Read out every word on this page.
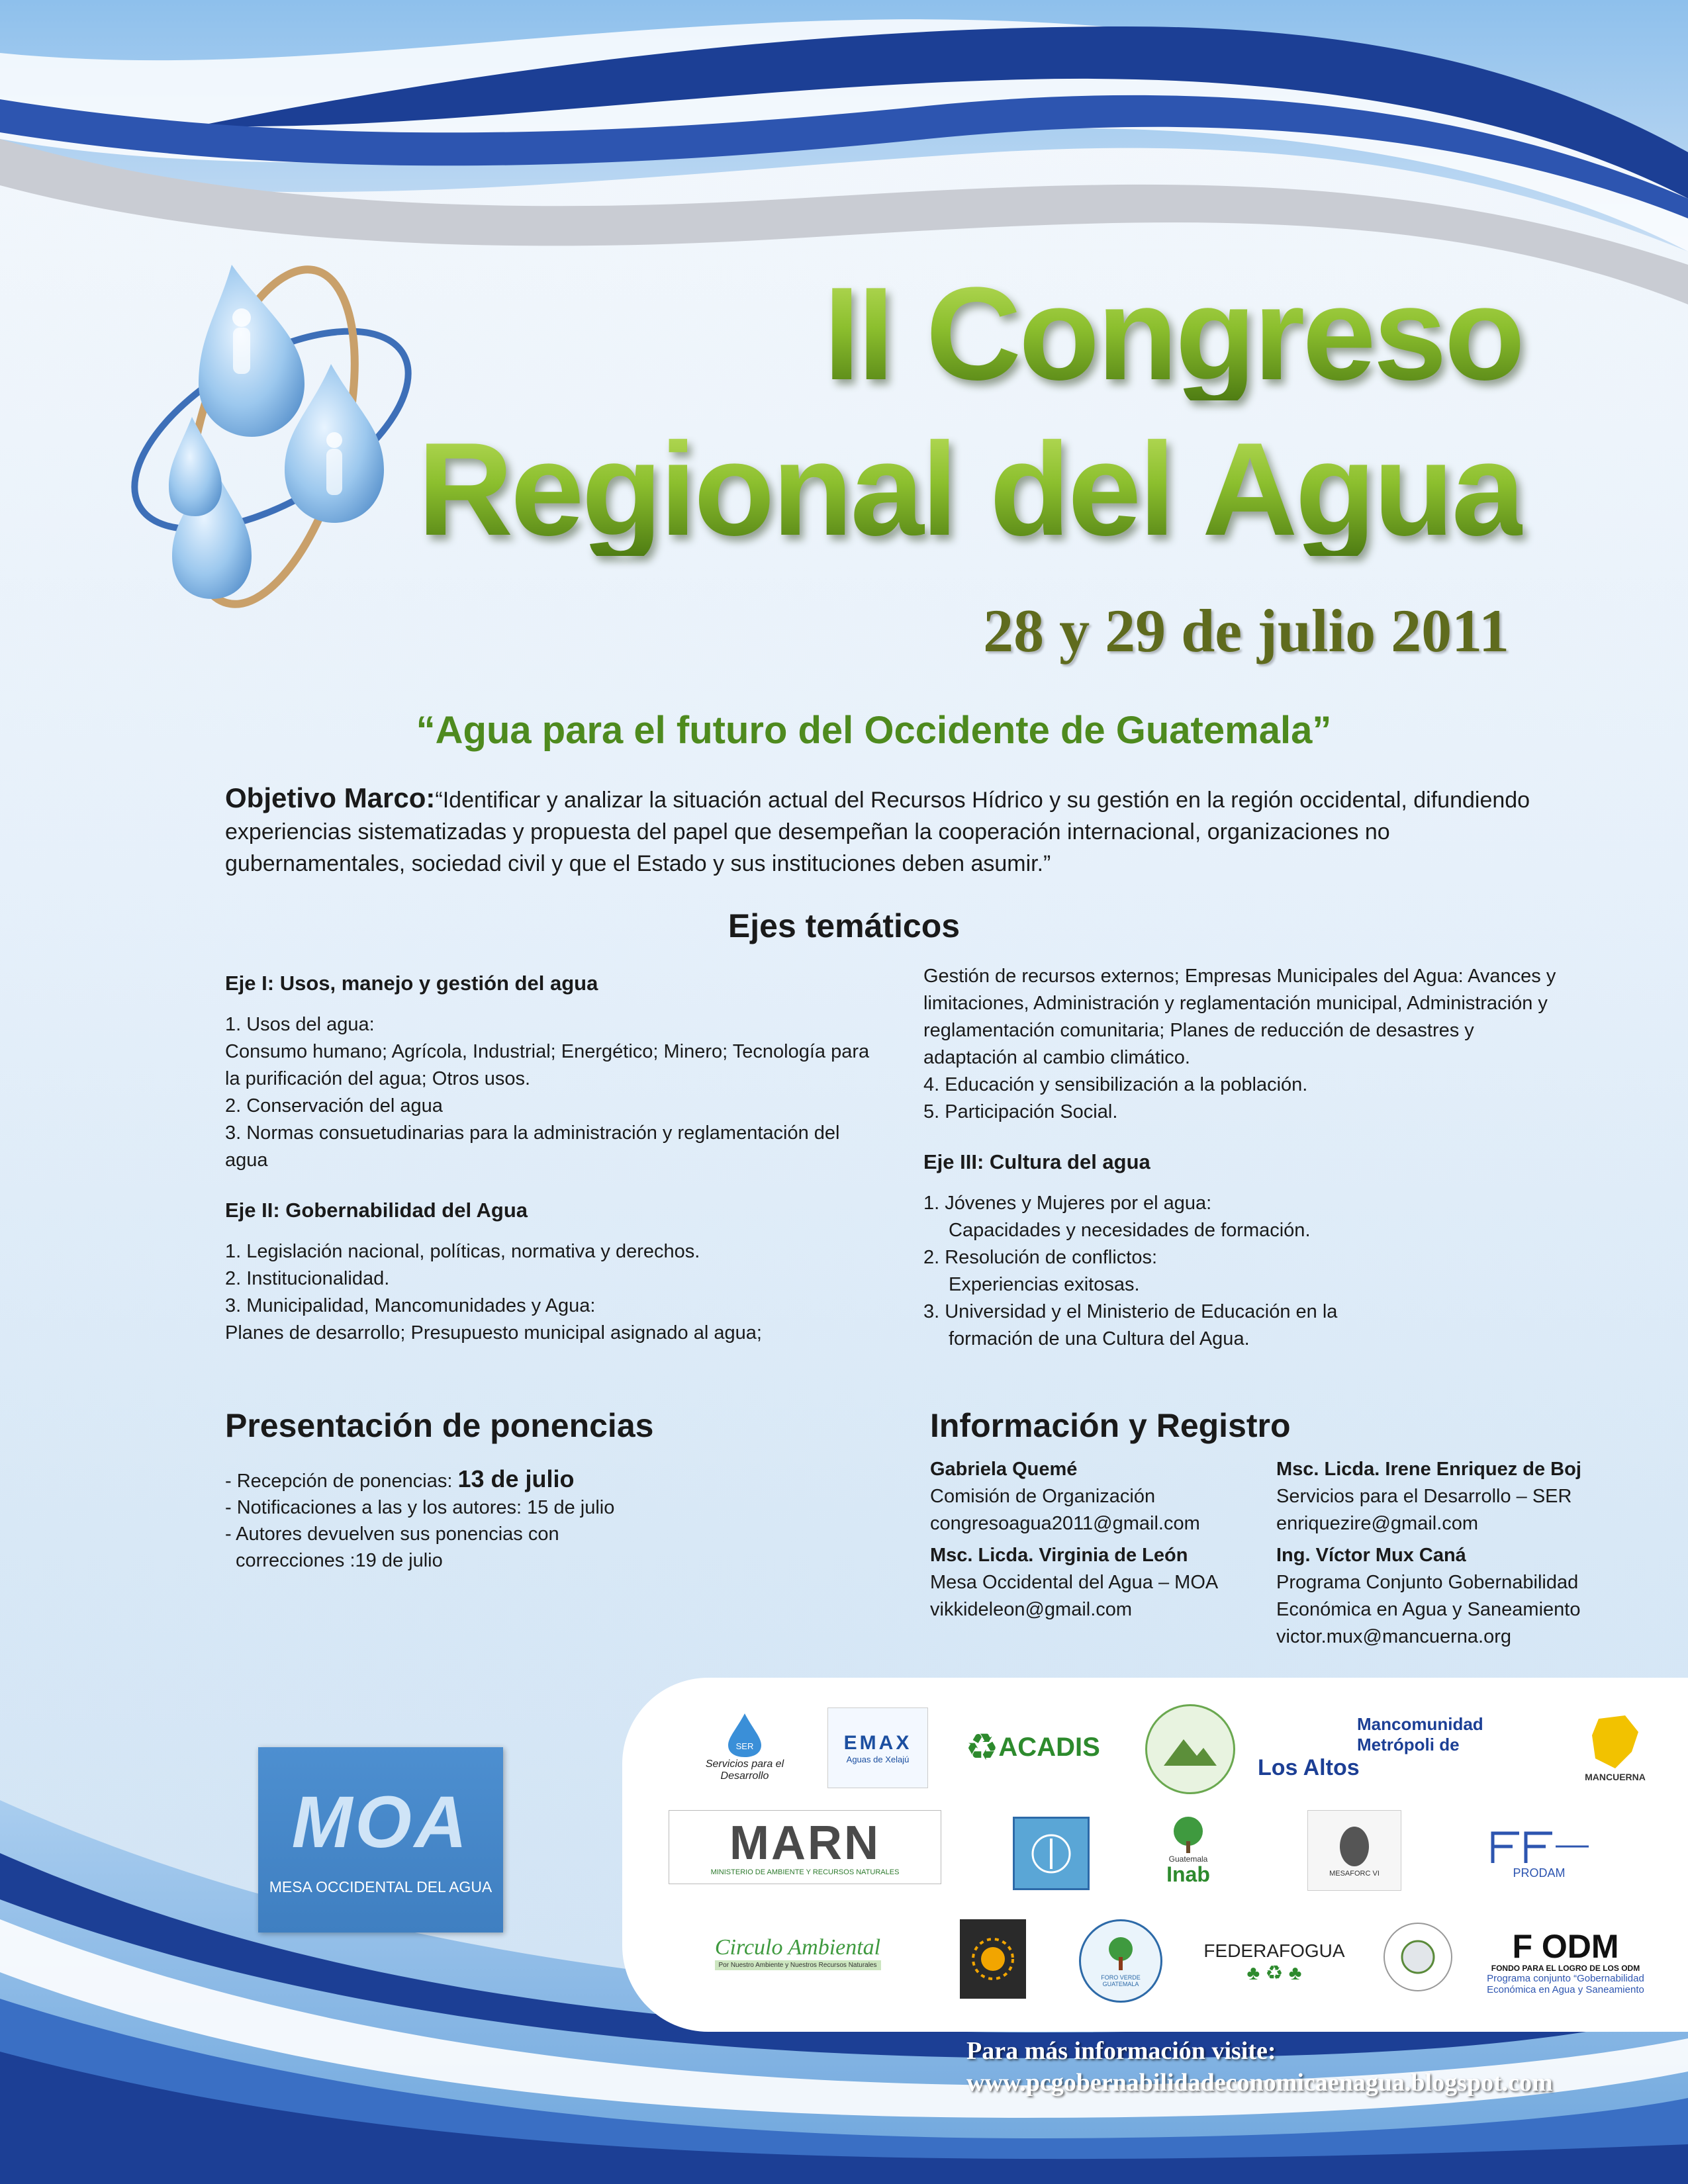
II Congreso
Regional del Agua
28 y 29 de julio 2011
“Agua para el futuro del Occidente de Guatemala”
Objetivo Marco:“Identificar y analizar la situación actual del Recursos Hídrico y su gestión en la región occidental, difundiendo experiencias sistematizadas y propuesta del papel que desempeñan la cooperación internacional, organizaciones no gubernamentales, sociedad civil y que el Estado y sus instituciones deben asumir.”
Ejes temáticos

Eje I: Usos, manejo y gestión del agua

1. Usos del agua:

Consumo humano; Agrícola, Industrial; Energético; Minero; Tecnología para la purificación del agua; Otros usos.

2. Conservación del agua

3. Normas consuetudinarias para la administración y reglamentación del agua

Eje II: Gobernabilidad del Agua

1. Legislación nacional, políticas, normativa y derechos.

2. Institucionalidad.

3. Municipalidad, Mancomunidades y Agua:

Planes de desarrollo; Presupuesto municipal asignado al agua;

Gestión de recursos externos; Empresas Municipales del Agua: Avances y limitaciones, Administración y reglamentación municipal, Administración y reglamentación comunitaria; Planes de reducción de desastres y adaptación al cambio climático.

4. Educación y sensibilización a la población.

5. Participación Social.

Eje III: Cultura del agua

1. Jóvenes y Mujeres por el agua:

Capacidades y necesidades de formación.

2. Resolución de conflictos:

Experiencias exitosas.

3. Universidad y el Ministerio de Educación en la

formación de una Cultura del Agua.

Presentación de ponencias
- Recepción de ponencias: 13 de julio
- Notificaciones a las y los autores: 15 de julio
- Autores devuelven sus ponencias con
correcciones :19 de julio
Información y Registro
Gabriela Quemé
Comisión de Organización
congresoagua2011@gmail.com
Msc. Licda. Virginia de León
Mesa Occidental del Agua – MOA
vikkideleon@gmail.com
Msc. Licda. Irene Enriquez de Boj
Servicios para el Desarrollo – SER
enriquezire@gmail.com
Ing. Víctor Mux Caná
Programa Conjunto Gobernabilidad
Económica en Agua y Saneamiento
victor.mux@mancuerna.org
MOA
MESA OCCIDENTAL DEL AGUA
SER
Servicios para el Desarrollo
EMAX
Aguas de Xelajú ♻ ACADIS
Mancomunidad
Metrópoli de
Los Altos	MANCUERNA
MARN
MINISTERIO DE AMBIENTE Y RECURSOS NATURALES
Guatemala
Inab	MESAFORC VI	PRODAM
Circulo Ambiental
Por Nuestro Ambiente y Nuestros Recursos Naturales
FORO VERDE GUATEMALA
FEDERAFOGUA
♣ ♻ ♣
F ODM
FONDO PARA EL LOGRO DE LOS ODM
Programa conjunto “Gobernabilidad
Económica en Agua y Saneamiento
Para más información visite:
www.pcgobernabilidadeconomicaenagua.blogspot.com
